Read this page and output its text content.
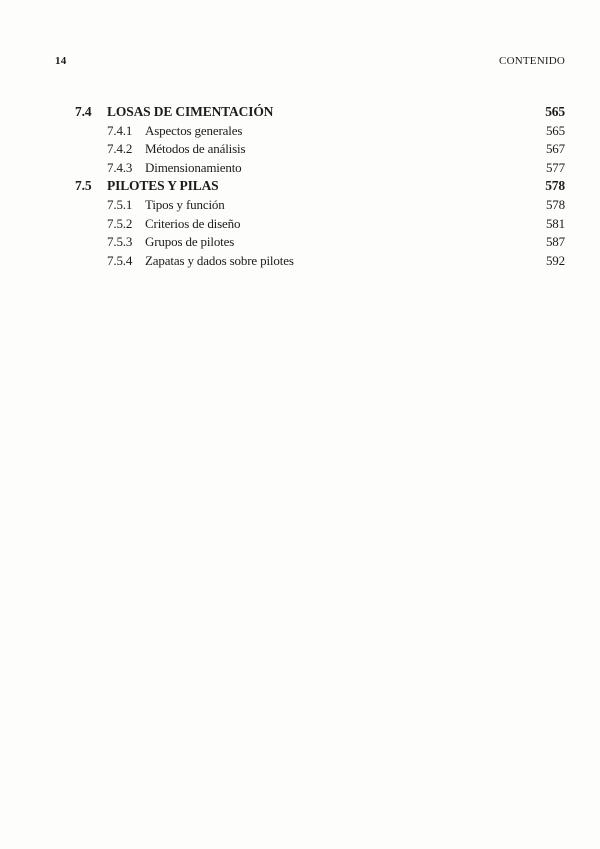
14	CONTENIDO
7.4	LOSAS DE CIMENTACIÓN	565
7.4.1 Aspectos generales	565
7.4.2 Métodos de análisis	567
7.4.3 Dimensionamiento	577
7.5	PILOTES Y PILAS	578
7.5.1 Tipos y función	578
7.5.2 Criterios de diseño	581
7.5.3 Grupos de pilotes	587
7.5.4 Zapatas y dados sobre pilotes	592
